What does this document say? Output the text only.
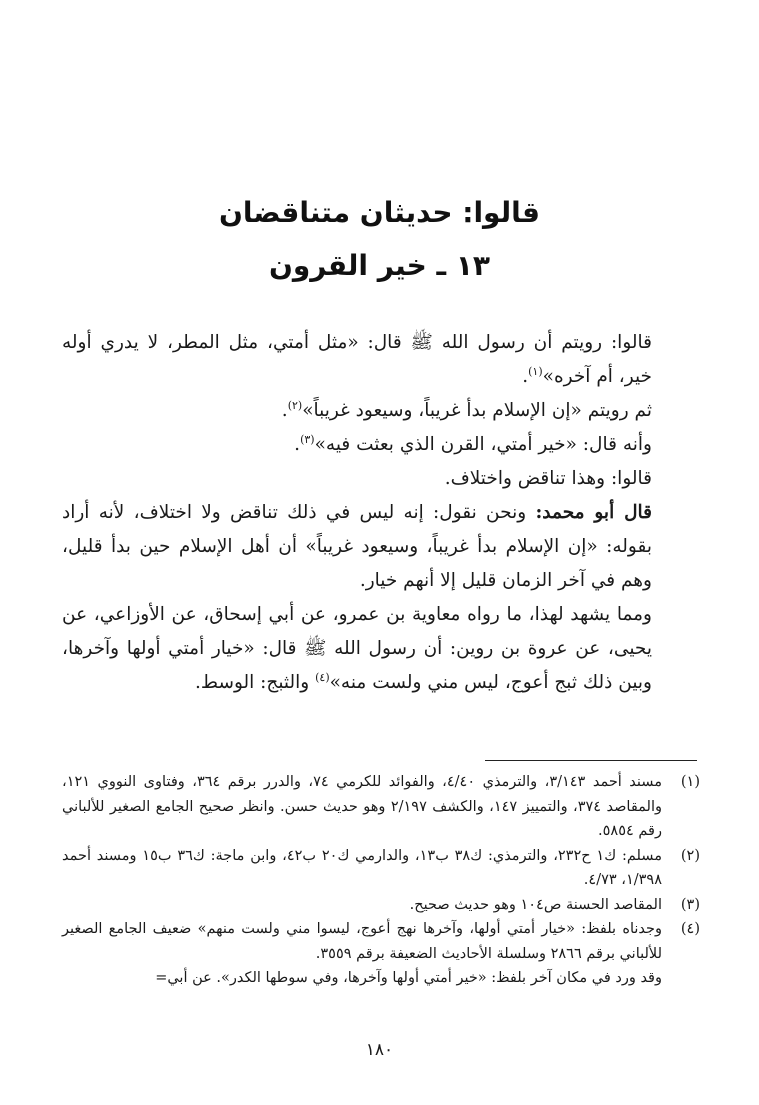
قالوا: حديثان متناقضان
١٣ ـ خير القرون

قالوا: رويتم أن رسول الله ﷺ قال: «مثل أمتي، مثل المطر، لا يدري أوله خير، أم آخره»$^{(١)}$.

ثم رويتم «إن الإسلام بدأ غريباً، وسيعود غريباً»$^{(٢)}$.

وأنه قال: «خير أمتي، القرن الذي بعثت فيه»$^{(٣)}$.

قالوا: وهذا تناقض واختلاف.

قال أبو محمد: ونحن نقول: إنه ليس في ذلك تناقض ولا اختلاف، لأنه أراد بقوله: «إن الإسلام بدأ غريباً، وسيعود غريباً» أن أهل الإسلام حين بدأ قليل، وهم في آخر الزمان قليل إلا أنهم خيار.

ومما يشهد لهذا، ما رواه معاوية بن عمرو، عن أبي إسحاق، عن الأوزاعي، عن يحيى، عن عروة بن روين: أن رسول الله ﷺ قال: «خيار أمتي أولها وآخرها، وبين ذلك ثبج أعوج، ليس مني ولست منه»$^{(٤)}$ والثبج: الوسط.

(١)
مسند أحمد ٣/١٤٣، والترمذي ٤/٤٠، والفوائد للكرمي ٧٤، والدرر برقم ٣٦٤، وفتاوى النووي ١٢١، والمقاصد ٣٧٤، والتمييز ١٤٧، والكشف ٢/١٩٧ وهو حديث حسن. وانظر صحيح الجامع الصغير للألباني رقم ٥٨٥٤.
(٢)
مسلم: ك١ ح٢٣٢، والترمذي: ك٣٨ ب١٣، والدارمي ك٢٠ ب٤٢، وابن ماجة: ك٣٦ ب١٥ ومسند أحمد ١/٣٩٨، ٤/٧٣.
(٣)
المقاصد الحسنة ص١٠٤ وهو حديث صحيح.
(٤)
وجدناه بلفظ: «خيار أمتي أولها، وآخرها نهج أعوج، ليسوا مني ولست منهم» ضعيف الجامع الصغير للألباني برقم ٢٨٦٦ وسلسلة الأحاديث الضعيفة برقم ٣٥٥٩.

وقد ورد في مكان آخر بلفظ: «خير أمتي أولها وآخرها، وفي سوطها الكدر». عن أبي=

١٨٠
